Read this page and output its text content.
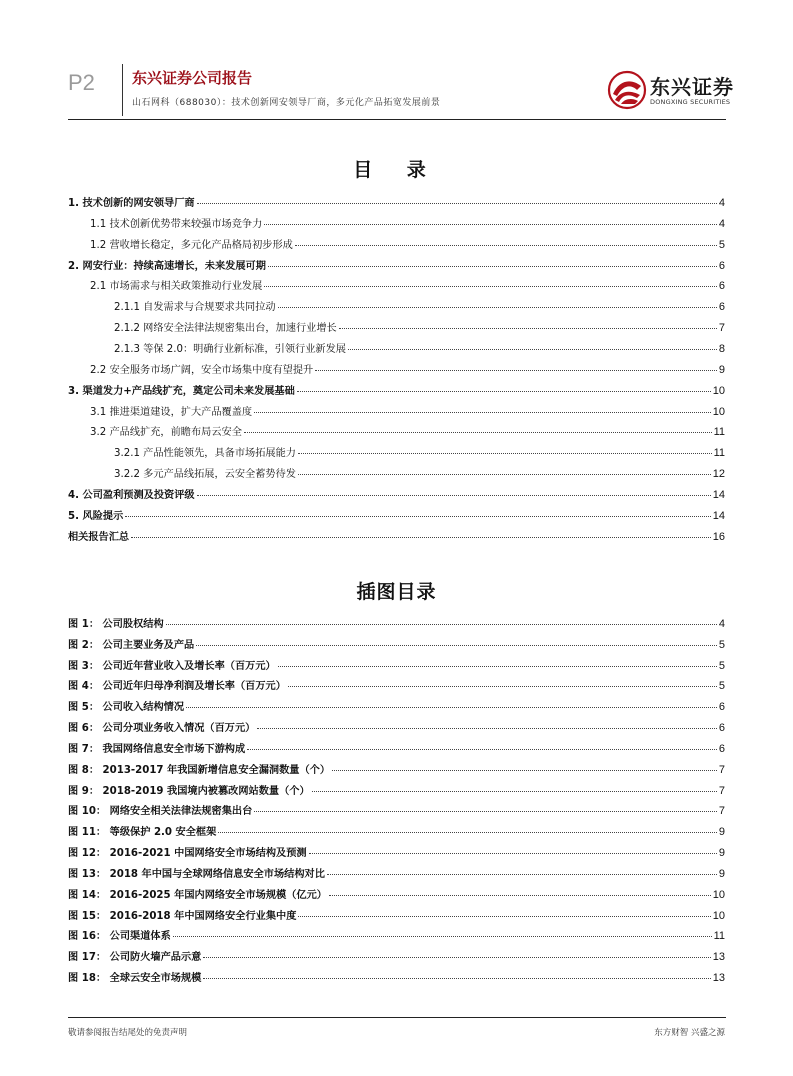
P2 东兴证券公司报告
山石网科（688030）：技术创新网安领导厂商，多元化产品拓宽发展前景
东兴证券
DONGXING SECURITIES
目 录
1. 技术创新的网安领导厂商	4
1.1 技术创新优势带来较强市场竞争力	4
1.2 营收增长稳定，多元化产品格局初步形成	5
2. 网安行业：持续高速增长，未来发展可期	6
2.1 市场需求与相关政策推动行业发展	6
2.1.1 自发需求与合规要求共同拉动	6
2.1.2 网络安全法律法规密集出台，加速行业增长	7
2.1.3 等保 2.0：明确行业新标准，引领行业新发展	8
2.2 安全服务市场广阔，安全市场集中度有望提升	9
3. 渠道发力+产品线扩充，奠定公司未来发展基础	10
3.1 推进渠道建设，扩大产品覆盖度	10
3.2 产品线扩充，前瞻布局云安全	11
3.2.1 产品性能领先，具备市场拓展能力	11
3.2.2 多元产品线拓展，云安全蓄势待发	12
4. 公司盈利预测及投资评级	14
5. 风险提示	14
相关报告汇总	16
插图目录
图 1： 公司股权结构	4
图 2： 公司主要业务及产品	5
图 3： 公司近年营业收入及增长率（百万元）	5
图 4： 公司近年归母净利润及增长率（百万元）	5
图 5： 公司收入结构情况	6
图 6： 公司分项业务收入情况（百万元）	6
图 7： 我国网络信息安全市场下游构成	6
图 8： 2013-2017 年我国新增信息安全漏洞数量（个）	7
图 9： 2018-2019 我国境内被篡改网站数量（个）	7
图 10： 网络安全相关法律法规密集出台	7
图 11： 等级保护 2.0 安全框架	9
图 12： 2016-2021 中国网络安全市场结构及预测	9
图 13： 2018 年中国与全球网络信息安全市场结构对比	9
图 14： 2016-2025 年国内网络安全市场规模（亿元）	10
图 15： 2016-2018 年中国网络安全行业集中度	10
图 16： 公司渠道体系	11
图 17： 公司防火墙产品示意	13
图 18： 全球云安全市场规模	13
敬请参阅报告结尾处的免责声明	东方财智 兴盛之源
